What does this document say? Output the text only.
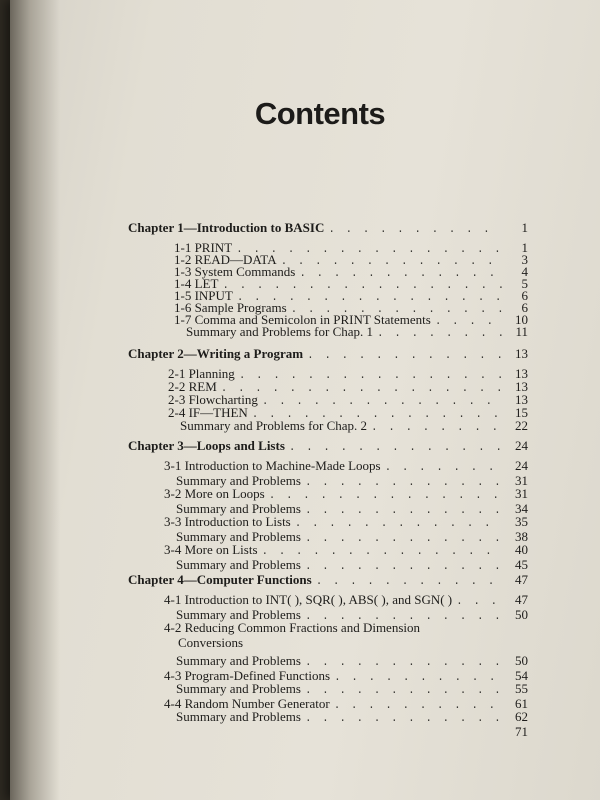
Contents
Chapter 1—Introduction to BASIC . . .	1
1-1 PRINT . . .	1
1-2 READ—DATA . . .	3
1-3 System Commands . . .	4
1-4 LET . . .	5
1-5 INPUT . . .	6
1-6 Sample Programs . . .	6
1-7 Comma and Semicolon in PRINT Statements . . .	10
Summary and Problems for Chap. 1 . . .	11
Chapter 2—Writing a Program . . .	13
2-1 Planning . . .	13
2-2 REM . . .	13
2-3 Flowcharting . . .	13
2-4 IF—THEN . . .	15
Summary and Problems for Chap. 2 . . .	22
Chapter 3—Loops and Lists . . .	24
3-1 Introduction to Machine-Made Loops . . .	24
Summary and Problems . . .	31
3-2 More on Loops . . .	31
Summary and Problems . . .	34
3-3 Introduction to Lists . . .	35
Summary and Problems . . .	38
3-4 More on Lists . . .	40
Summary and Problems . . .	45
Chapter 4—Computer Functions . . .	47
4-1 Introduction to INT( ), SQR( ), ABS( ), and SGN( ) . . .	47
Summary and Problems . . .	50
4-2 Reducing Common Fractions and Dimension
Conversions
Summary and Problems . . .	50
4-3 Program-Defined Functions . . .	54
Summary and Problems . . .	55
4-4 Random Number Generator . . .	61
Summary and Problems . . .	62
71
